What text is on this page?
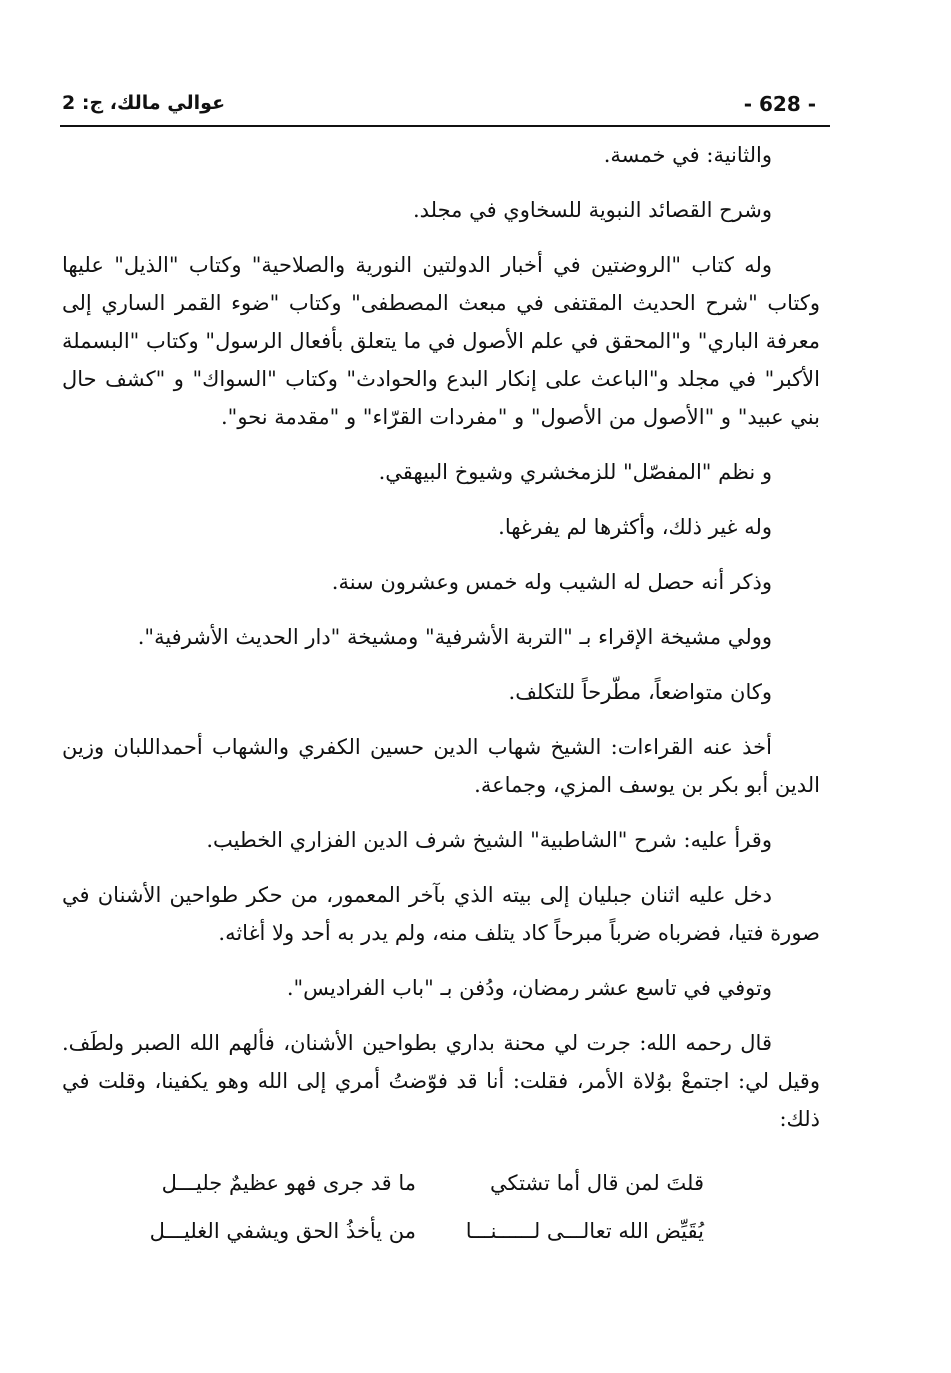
- 628 -
عوالي مالك، ج: 2

والثانية: في خمسة.

وشرح القصائد النبوية للسخاوي في مجلد.

وله كتاب "الروضتين في أخبار الدولتين النورية والصلاحية" وكتاب "الذيل" عليها وكتاب "شرح الحديث المقتفى في مبعث المصطفى" وكتاب "ضوء القمر الساري إلى معرفة الباري" و"المحقق في علم الأصول في ما يتعلق بأفعال الرسول" وكتاب "البسملة الأكبر" في مجلد و"الباعث على إنكار البدع والحوادث" وكتاب "السواك" و "كشف حال بني عبيد" و "الأصول من الأصول" و "مفردات القرّاء" و "مقدمة نحو".

و نظم "المفصّل" للزمخشري وشيوخ البيهقي.

وله غير ذلك، وأكثرها لم يفرغها.

وذكر أنه حصل له الشيب وله خمس وعشرون سنة.

وولي مشيخة الإقراء بـ "التربة الأشرفية" ومشيخة "دار الحديث الأشرفية".

وكان متواضعاً، مطّرحاً للتكلف.

أخذ عنه القراءات: الشيخ شهاب الدين حسين الكفري والشهاب أحمداللبان وزين الدين أبو بكر بن يوسف المزي، وجماعة.

وقرأ عليه: شرح "الشاطبية" الشيخ شرف الدين الفزاري الخطيب.

دخل عليه اثنان جبليان إلى بيته الذي بآخر المعمور، من حكر طواحين الأشنان في صورة فتيا، فضرباه ضرباً مبرحاً كاد يتلف منه، ولم يدر به أحد ولا أغاثه.

وتوفي في تاسع عشر رمضان، ودُفن بـ "باب الفراديس".

قال رحمه الله: جرت لي محنة بداري بطواحين الأشنان، فألهم الله الصبر ولطَف. وقيل لي: اجتمعْ بوُلاة الأمر، فقلت: أنا قد فوّضتُ أمري إلى الله وهو يكفينا، وقلت في ذلك:

قلتَ لمن قال أما تشتكي
ما قد جرى فهو عظيمٌ جليـــل
يُقَيِّض الله تعالـــى لــــــنـــا
من يأخذُ الحق ويشفي الغليـــل
